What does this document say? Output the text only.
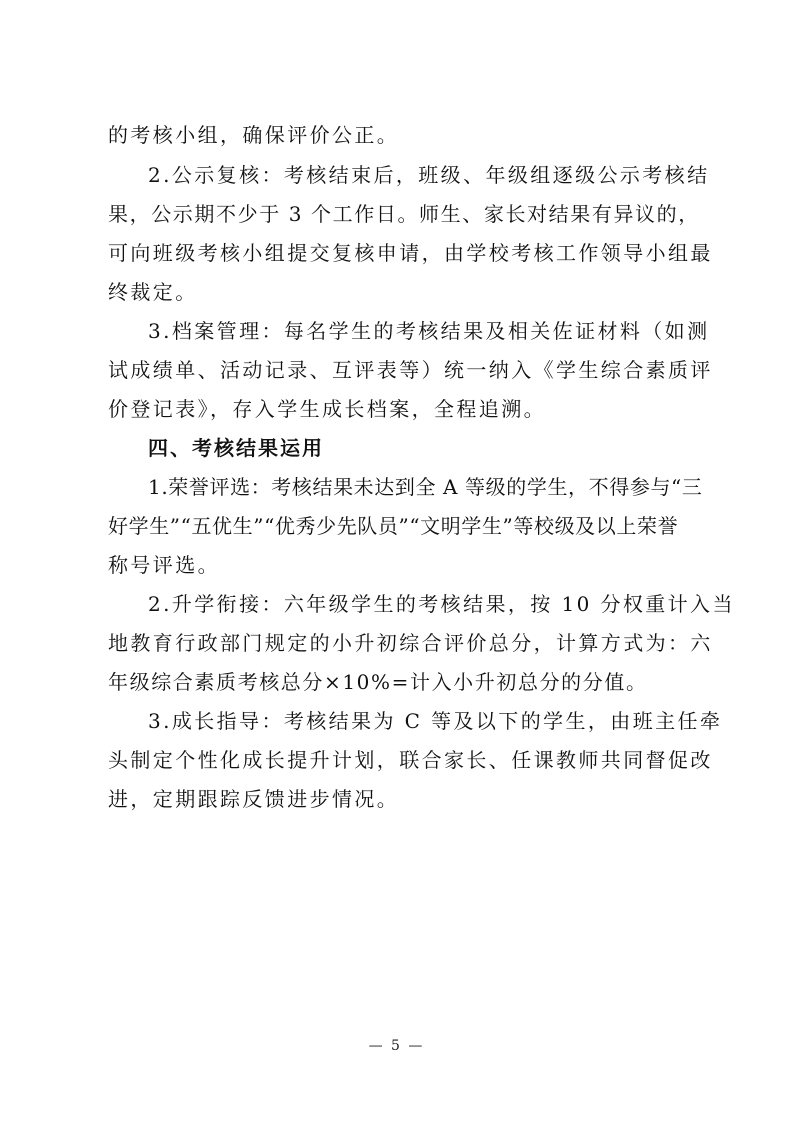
的考核小组，确保评价公正。
2.公示复核：考核结束后，班级、年级组逐级公示考核结
果，公示期不少于 3 个工作日。师生、家长对结果有异议的，
可向班级考核小组提交复核申请，由学校考核工作领导小组最
终裁定。
3.档案管理：每名学生的考核结果及相关佐证材料（如测
试成绩单、活动记录、互评表等）统一纳入《学生综合素质评
价登记表》，存入学生成长档案，全程追溯。
四、考核结果运用
1.荣誉评选：考核结果未达到全 A 等级的学生，不得参与“三
好学生”“五优生”“优秀少先队员”“文明学生”等校级及以上荣誉
称号评选。
2.升学衔接：六年级学生的考核结果，按 10 分权重计入当
地教育行政部门规定的小升初综合评价总分，计算方式为：六
年级综合素质考核总分×10%=计入小升初总分的分值。
3.成长指导：考核结果为 C 等及以下的学生，由班主任牵
头制定个性化成长提升计划，联合家长、任课教师共同督促改
进，定期跟踪反馈进步情况。
— 5 —
